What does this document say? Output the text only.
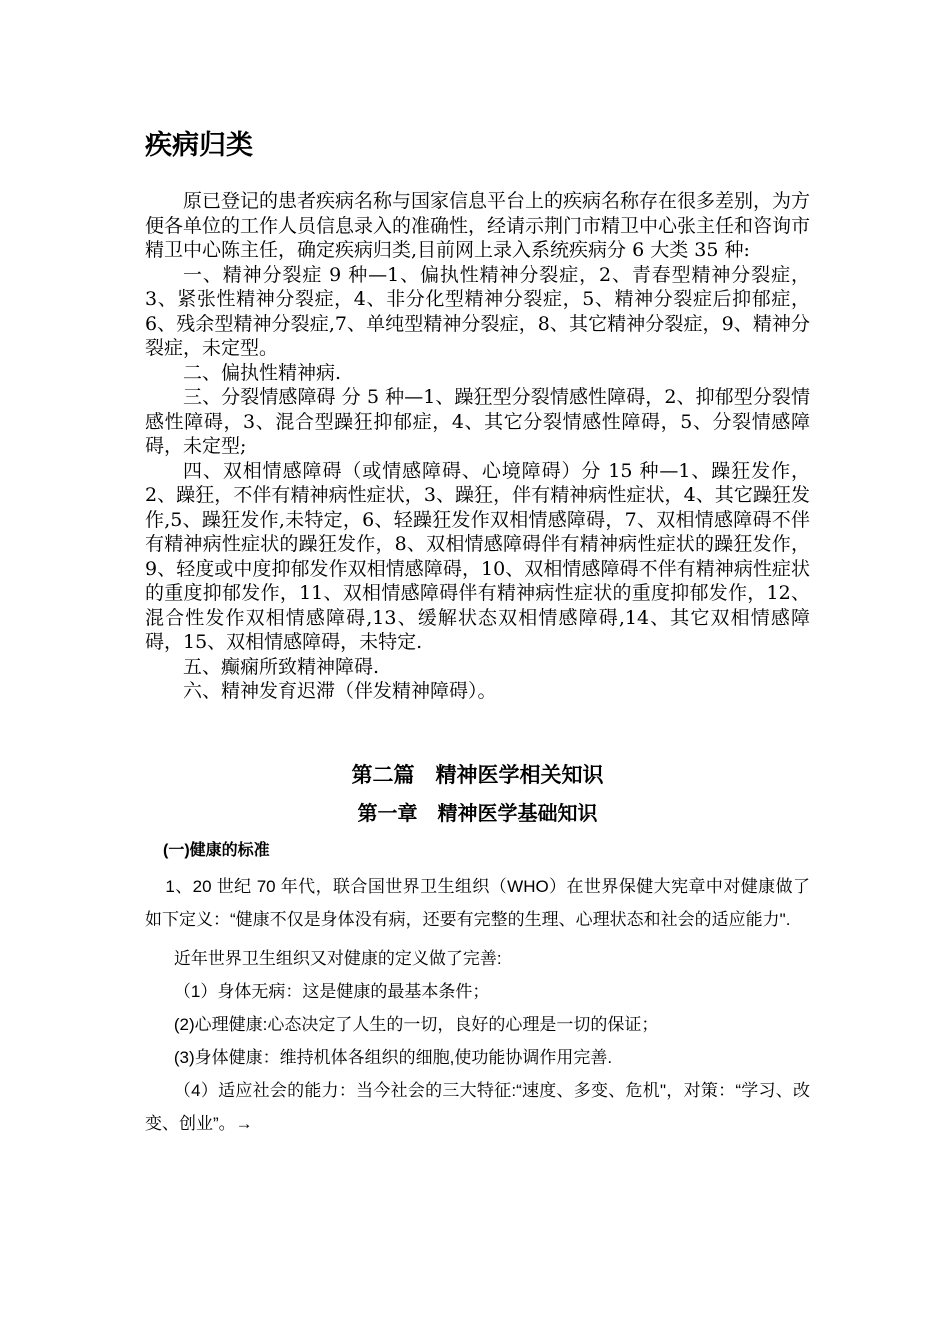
疾病归类

原已登记的患者疾病名称与国家信息平台上的疾病名称存在很多差别，为方便各单位的工作人员信息录入的准确性，经请示荆门市精卫中心张主任和咨询市精卫中心陈主任，确定疾病归类,目前网上录入系统疾病分 6 大类 35 种:

一、精神分裂症 9 种—1、偏执性精神分裂症，2、青春型精神分裂症，3、紧张性精神分裂症，4、非分化型精神分裂症，5、精神分裂症后抑郁症，6、残余型精神分裂症,7、单纯型精神分裂症，8、其它精神分裂症，9、精神分裂症，未定型。

二、偏执性精神病.

三、分裂情感障碍 分 5 种—1、躁狂型分裂情感性障碍，2、抑郁型分裂情感性障碍，3、混合型躁狂抑郁症，4、其它分裂情感性障碍，5、分裂情感障碍，未定型;

四、双相情感障碍（或情感障碍、心境障碍）分 15 种—1、躁狂发作，2、躁狂，不伴有精神病性症状，3、躁狂，伴有精神病性症状，4、其它躁狂发作,5、躁狂发作,未特定，6、轻躁狂发作双相情感障碍，7、双相情感障碍不伴有精神病性症状的躁狂发作，8、双相情感障碍伴有精神病性症状的躁狂发作，9、轻度或中度抑郁发作双相情感障碍，10、双相情感障碍不伴有精神病性症状的重度抑郁发作，11、双相情感障碍伴有精神病性症状的重度抑郁发作，12、混合性发作双相情感障碍,13、缓解状态双相情感障碍,14、其它双相情感障碍，15、双相情感障碍，未特定.

五、癫痫所致精神障碍.

六、精神发育迟滞（伴发精神障碍）。

第二篇　精神医学相关知识
第一章　精神医学基础知识
(一)健康的标准

1、20 世纪 70 年代，联合国世界卫生组织（WHO）在世界保健大宪章中对健康做了如下定义：“健康不仅是身体没有病，还要有完整的生理、心理状态和社会的适应能力".

近年世界卫生组织又对健康的定义做了完善:

（1）身体无病：这是健康的最基本条件；

(2)心理健康:心态决定了人生的一切，良好的心理是一切的保证；

(3)身体健康：维持机体各组织的细胞,使功能协调作用完善.

（4）适应社会的能力：当今社会的三大特征:“速度、多变、危机"，对策：“学习、改变、创业”。→
